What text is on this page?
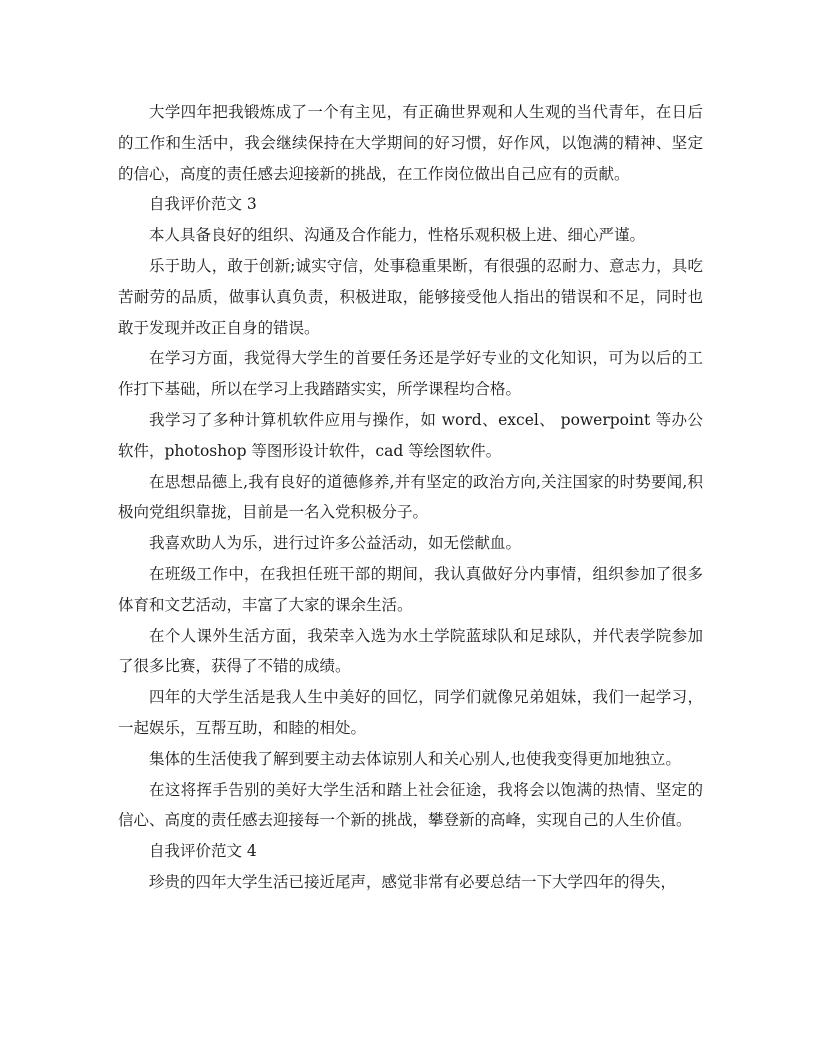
大学四年把我锻炼成了一个有主见，有正确世界观和人生观的当代青年，在日后的工作和生活中，我会继续保持在大学期间的好习惯，好作风，以饱满的精神、坚定的信心，高度的责任感去迎接新的挑战，在工作岗位做出自己应有的贡献。

自我评价范文 3

本人具备良好的组织、沟通及合作能力，性格乐观积极上进、细心严谨。

乐于助人，敢于创新;诚实守信，处事稳重果断，有很强的忍耐力、意志力，具吃苦耐劳的品质，做事认真负责，积极进取，能够接受他人指出的错误和不足，同时也敢于发现并改正自身的错误。

在学习方面，我觉得大学生的首要任务还是学好专业的文化知识，可为以后的工作打下基础，所以在学习上我踏踏实实，所学课程均合格。

我学习了多种计算机软件应用与操作，如 word、excel、 powerpoint 等办公软件，photoshop 等图形设计软件，cad 等绘图软件。

在思想品德上,我有良好的道德修养,并有坚定的政治方向,关注国家的时势要闻,积极向党组织靠拢，目前是一名入党积极分子。

我喜欢助人为乐，进行过许多公益活动，如无偿献血。

在班级工作中，在我担任班干部的期间，我认真做好分内事情，组织参加了很多体育和文艺活动，丰富了大家的课余生活。

在个人课外生活方面，我荣幸入选为水土学院蓝球队和足球队，并代表学院参加了很多比赛，获得了不错的成绩。

四年的大学生活是我人生中美好的回忆，同学们就像兄弟姐妹，我们一起学习，一起娱乐，互帮互助，和睦的相处。

集体的生活使我了解到要主动去体谅别人和关心别人,也使我变得更加地独立。

在这将挥手告别的美好大学生活和踏上社会征途，我将会以饱满的热情、坚定的信心、高度的责任感去迎接每一个新的挑战，攀登新的高峰，实现自己的人生价值。

自我评价范文 4

珍贵的四年大学生活已接近尾声，感觉非常有必要总结一下大学四年的得失，
